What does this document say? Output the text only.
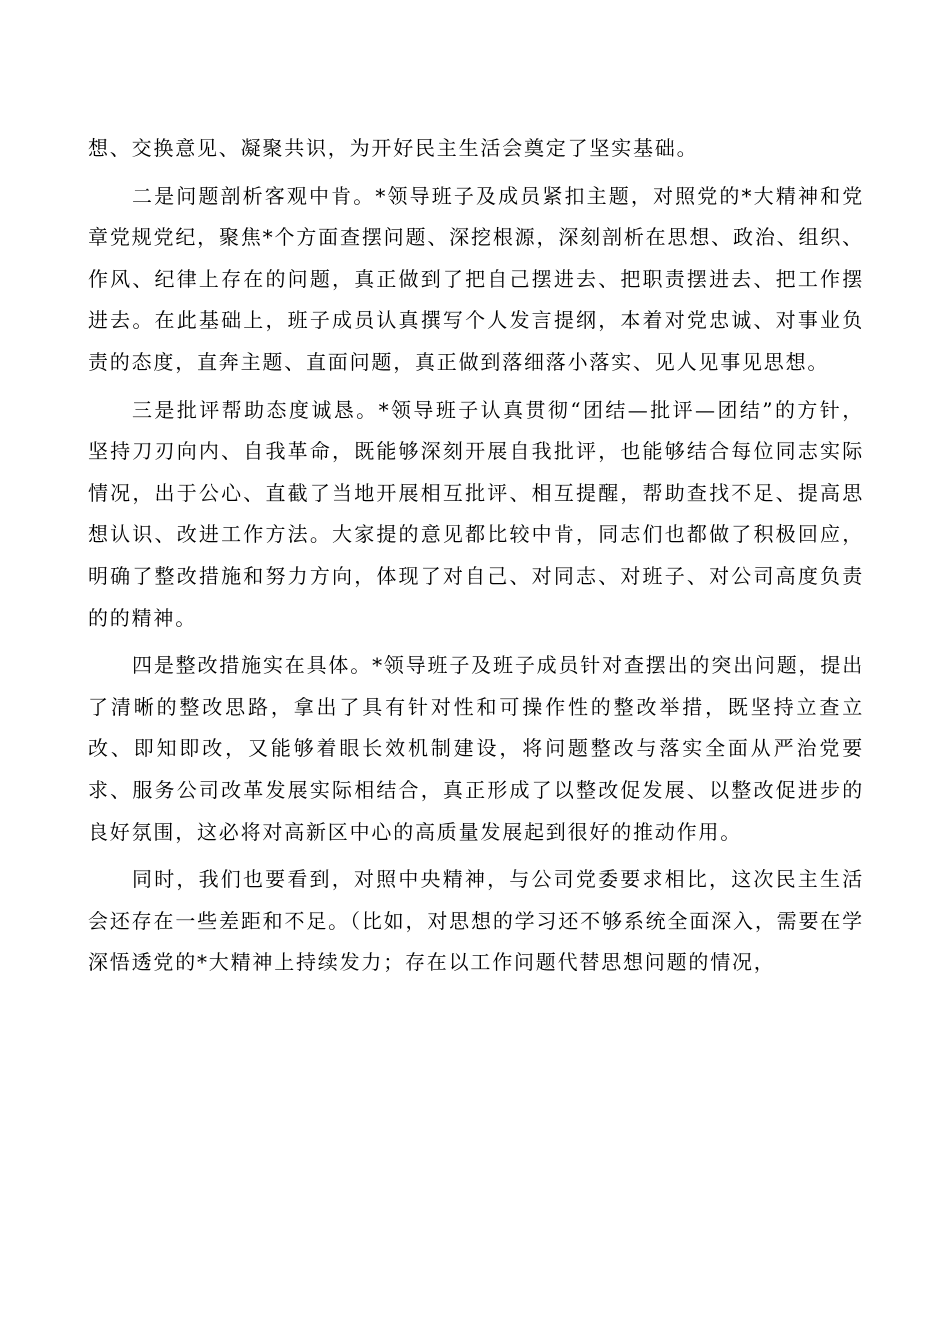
想、交换意见、凝聚共识，为开好民主生活会奠定了坚实基础。

二是问题剖析客观中肯。*领导班子及成员紧扣主题，对照党的*大精神和党章党规党纪，聚焦*个方面查摆问题、深挖根源，深刻剖析在思想、政治、组织、作风、纪律上存在的问题，真正做到了把自己摆进去、把职责摆进去、把工作摆进去。在此基础上，班子成员认真撰写个人发言提纲，本着对党忠诚、对事业负责的态度，直奔主题、直面问题，真正做到落细落小落实、见人见事见思想。

三是批评帮助态度诚恳。*领导班子认真贯彻“团结—批评—团结”的方针，坚持刀刃向内、自我革命，既能够深刻开展自我批评，也能够结合每位同志实际情况，出于公心、直截了当地开展相互批评、相互提醒，帮助查找不足、提高思想认识、改进工作方法。大家提的意见都比较中肯，同志们也都做了积极回应，明确了整改措施和努力方向，体现了对自己、对同志、对班子、对公司高度负责的的精神。

四是整改措施实在具体。*领导班子及班子成员针对查摆出的突出问题，提出了清晰的整改思路，拿出了具有针对性和可操作性的整改举措，既坚持立查立改、即知即改，又能够着眼长效机制建设，将问题整改与落实全面从严治党要求、服务公司改革发展实际相结合，真正形成了以整改促发展、以整改促进步的良好氛围，这必将对高新区中心的高质量发展起到很好的推动作用。

同时，我们也要看到，对照中央精神，与公司党委要求相比，这次民主生活会还存在一些差距和不足。（比如，对思想的学习还不够系统全面深入，需要在学深悟透党的*大精神上持续发力；存在以工作问题代替思想问题的情况，
